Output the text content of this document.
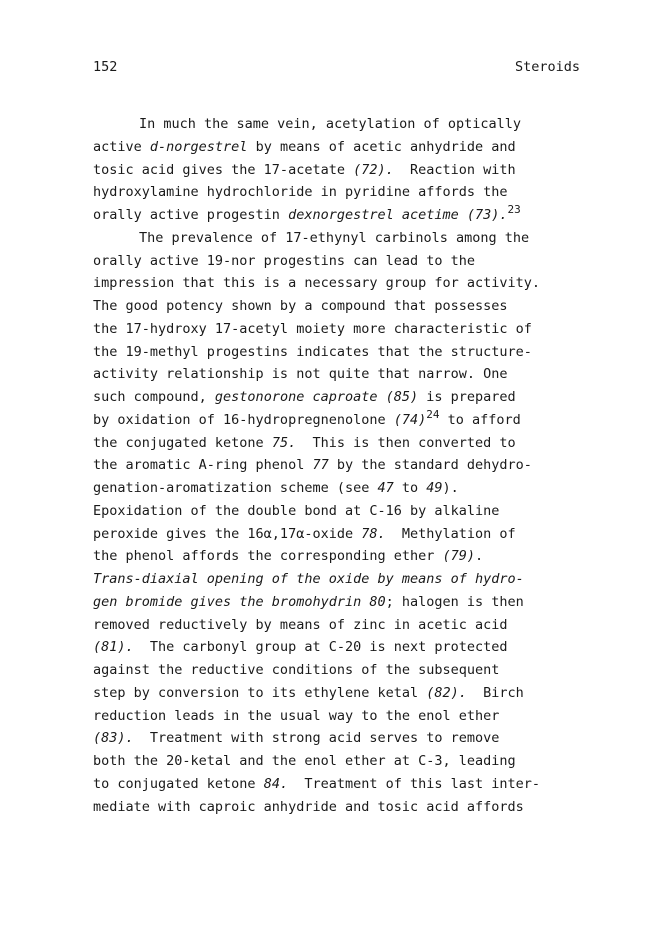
152	Steroids
In much the same vein, acetylation of optically
active d-norgestrel by means of acetic anhydride and
tosic acid gives the 17-acetate (72).  Reaction with
hydroxylamine hydrochloride in pyridine affords the
orally active progestin dexnorgestrel acetime (73).$^{23}$
The prevalence of 17-ethynyl carbinols among the
orally active 19-nor progestins can lead to the
impression that this is a necessary group for activity.
The good potency shown by a compound that possesses
the 17-hydroxy 17-acetyl moiety more characteristic of
the 19-methyl progestins indicates that the structure-
activity relationship is not quite that narrow. One
such compound, gestonorone caproate (85) is prepared
by oxidation of 16-hydropregnenolone $(74)^{24}$ to afford
the conjugated ketone 75.  This is then converted to
the aromatic A-ring phenol 77 by the standard dehydro-
genation-aromatization scheme (see 47 to 49).
Epoxidation of the double bond at C-16 by alkaline
peroxide gives the 16α,17α-oxide 78.  Methylation of
the phenol affords the corresponding ether (79).
Trans-diaxial opening of the oxide by means of hydro-
gen bromide gives the bromohydrin 80; halogen is then
removed reductively by means of zinc in acetic acid
(81).  The carbonyl group at C-20 is next protected
against the reductive conditions of the subsequent
step by conversion to its ethylene ketal (82).  Birch
reduction leads in the usual way to the enol ether
(83).  Treatment with strong acid serves to remove
both the 20-ketal and the enol ether at C-3, leading
to conjugated ketone 84.  Treatment of this last inter-
mediate with caproic anhydride and tosic acid affords
